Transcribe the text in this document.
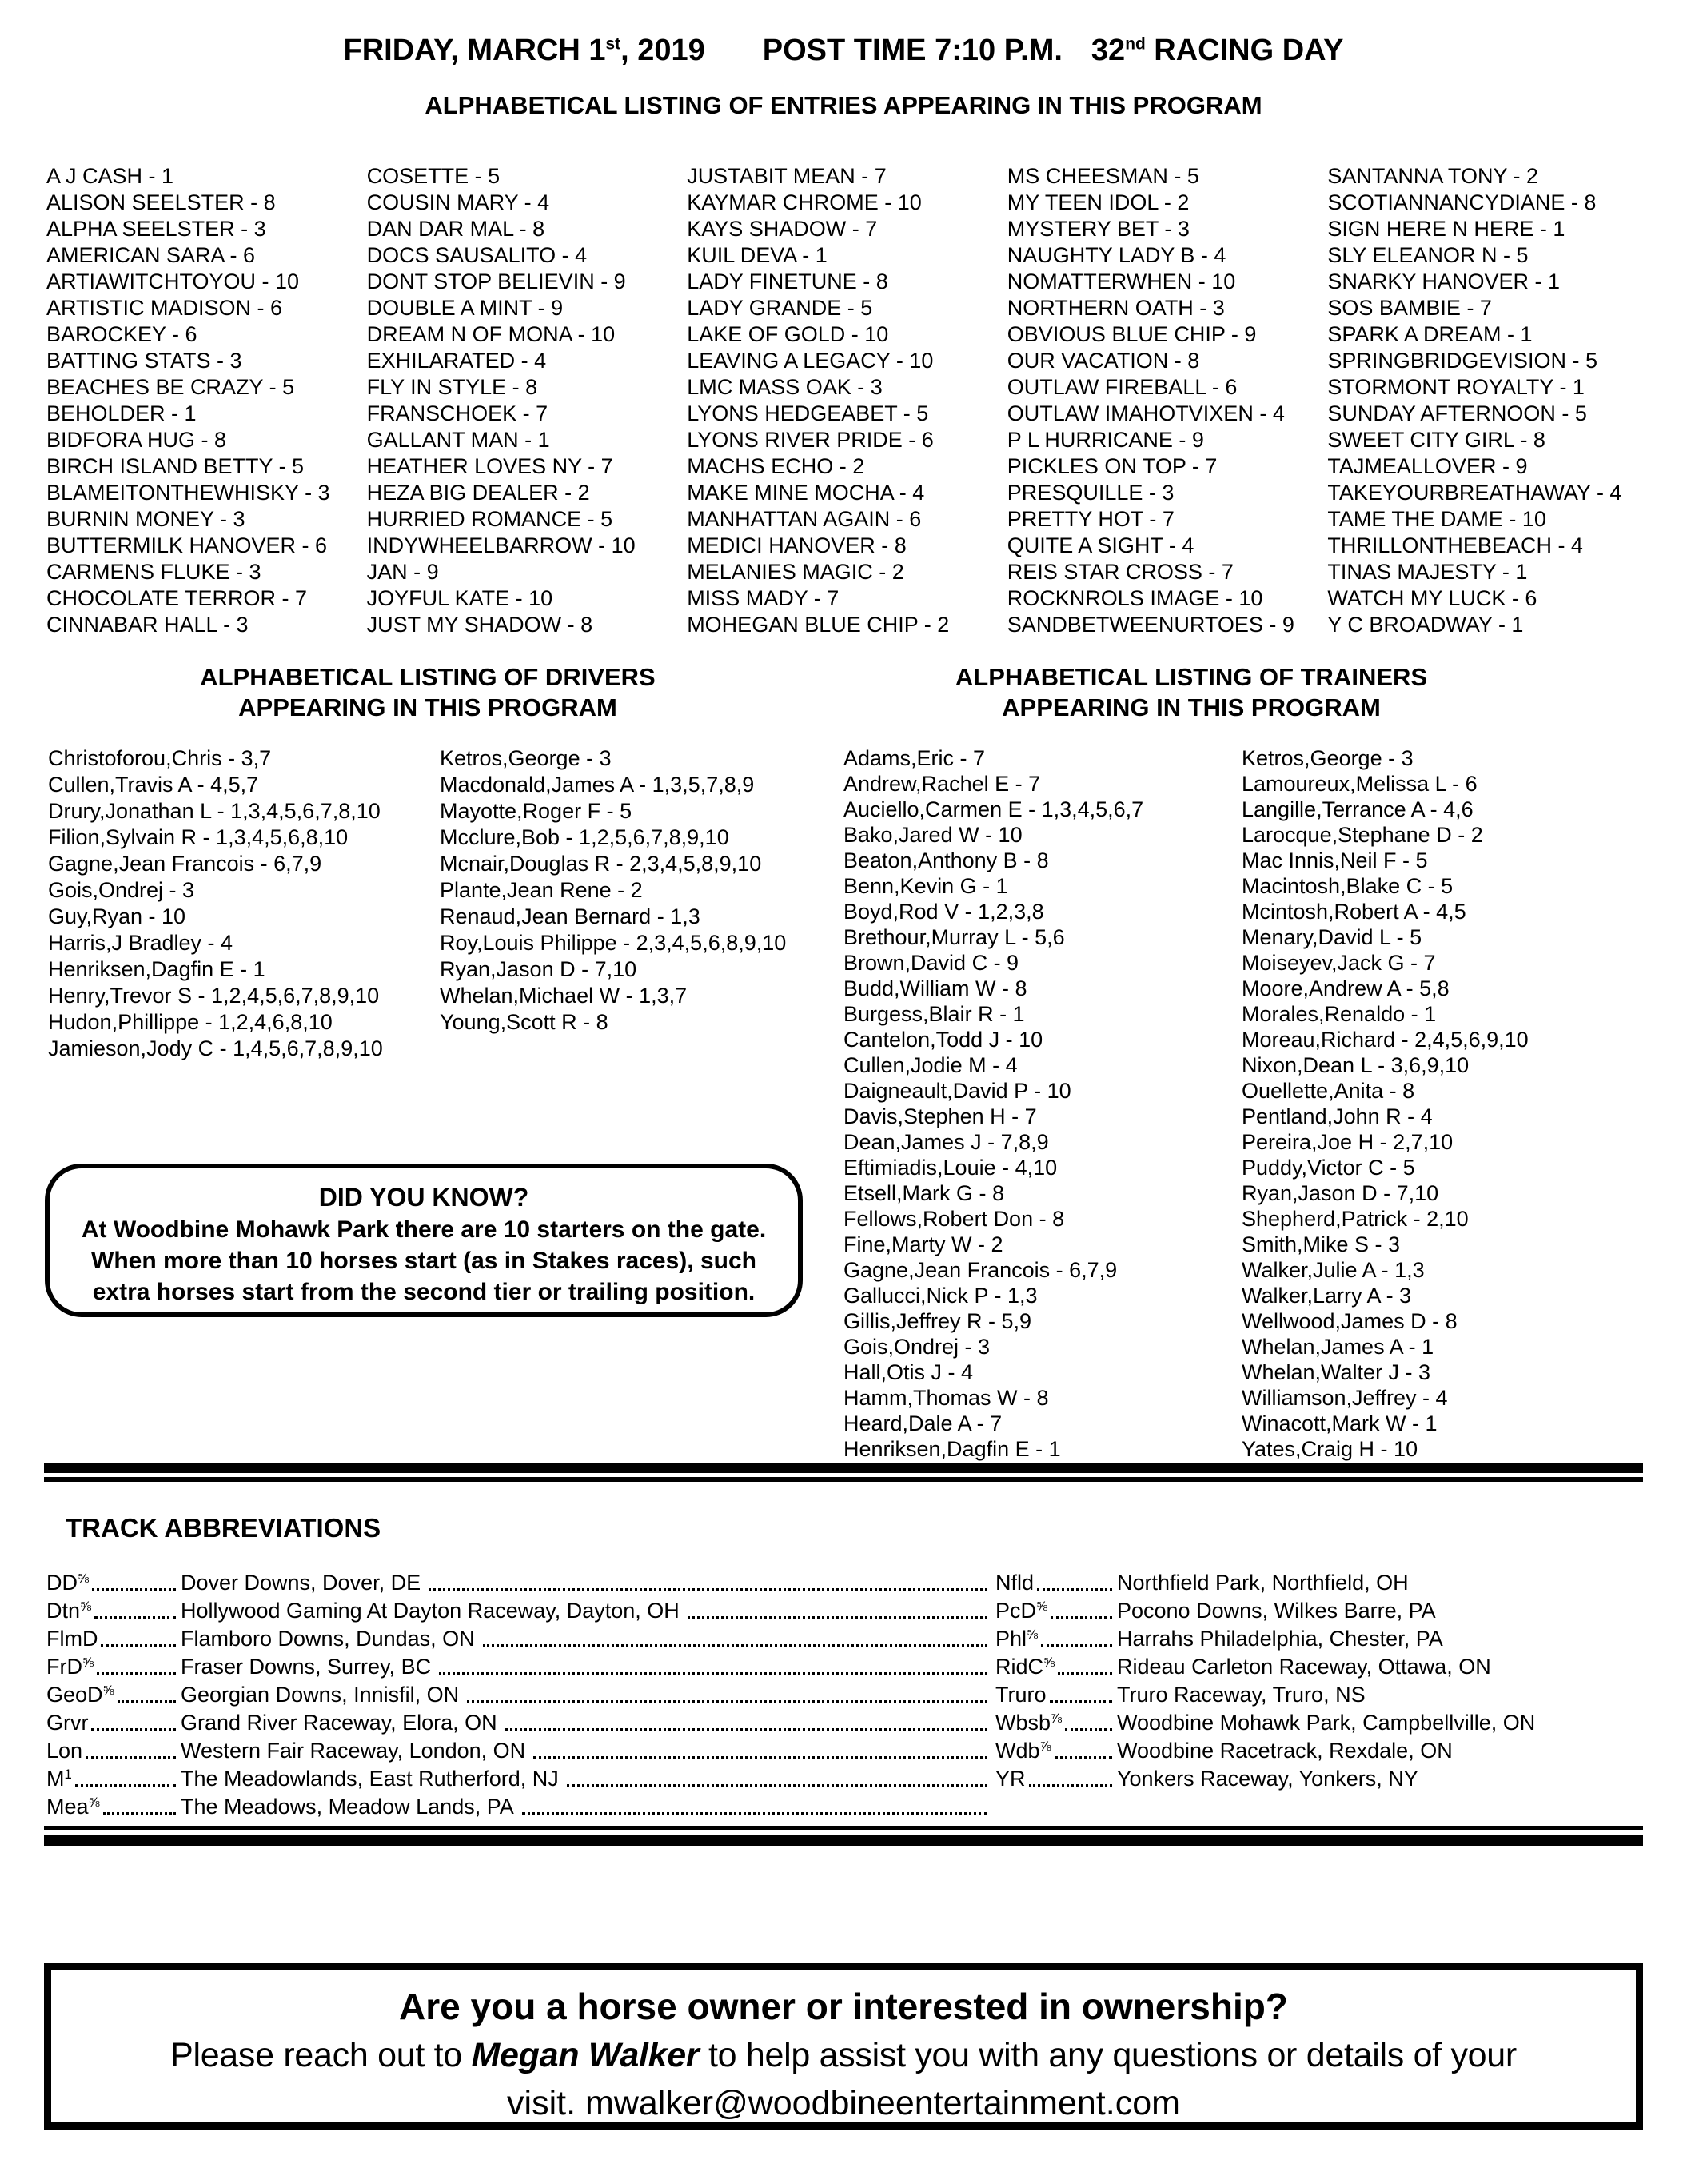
FRIDAY, MARCH 1st, 2019 POST TIME 7:10 P.M. 32nd RACING DAY
ALPHABETICAL LISTING OF ENTRIES APPEARING IN THIS PROGRAM
A J CASH - 1
ALISON SEELSTER - 8
ALPHA SEELSTER - 3
AMERICAN SARA - 6
ARTIAWITCHTOYOU - 10
ARTISTIC MADISON - 6
BAROCKEY - 6
BATTING STATS - 3
BEACHES BE CRAZY - 5
BEHOLDER - 1
BIDFORA HUG - 8
BIRCH ISLAND BETTY - 5
BLAMEITONTHEWHISKY - 3
BURNIN MONEY - 3
BUTTERMILK HANOVER - 6
CARMENS FLUKE - 3
CHOCOLATE TERROR - 7
CINNABAR HALL - 3
COSETTE - 5
COUSIN MARY - 4
DAN DAR MAL - 8
DOCS SAUSALITO - 4
DONT STOP BELIEVIN - 9
DOUBLE A MINT - 9
DREAM N OF MONA - 10
EXHILARATED - 4
FLY IN STYLE - 8
FRANSCHOEK - 7
GALLANT MAN - 1
HEATHER LOVES NY - 7
HEZA BIG DEALER - 2
HURRIED ROMANCE - 5
INDYWHEELBARROW - 10
JAN - 9
JOYFUL KATE - 10
JUST MY SHADOW - 8
JUSTABIT MEAN - 7
KAYMAR CHROME - 10
KAYS SHADOW - 7
KUIL DEVA - 1
LADY FINETUNE - 8
LADY GRANDE - 5
LAKE OF GOLD - 10
LEAVING A LEGACY - 10
LMC MASS OAK - 3
LYONS HEDGEABET - 5
LYONS RIVER PRIDE - 6
MACHS ECHO - 2
MAKE MINE MOCHA - 4
MANHATTAN AGAIN - 6
MEDICI HANOVER - 8
MELANIES MAGIC - 2
MISS MADY - 7
MOHEGAN BLUE CHIP - 2
MS CHEESMAN - 5
MY TEEN IDOL - 2
MYSTERY BET - 3
NAUGHTY LADY B - 4
NOMATTERWHEN - 10
NORTHERN OATH - 3
OBVIOUS BLUE CHIP - 9
OUR VACATION - 8
OUTLAW FIREBALL - 6
OUTLAW IMAHOTVIXEN - 4
P L HURRICANE - 9
PICKLES ON TOP - 7
PRESQUILLE - 3
PRETTY HOT - 7
QUITE A SIGHT - 4
REIS STAR CROSS - 7
ROCKNROLS IMAGE - 10
SANDBETWEENURTOES - 9
SANTANNA TONY - 2
SCOTIANNANCYDIANE - 8
SIGN HERE N HERE - 1
SLY ELEANOR N - 5
SNARKY HANOVER - 1
SOS BAMBIE - 7
SPARK A DREAM - 1
SPRINGBRIDGEVISION - 5
STORMONT ROYALTY - 1
SUNDAY AFTERNOON - 5
SWEET CITY GIRL - 8
TAJMEALLOVER - 9
TAKEYOURBREATHAWAY - 4
TAME THE DAME - 10
THRILLONTHEBEACH - 4
TINAS MAJESTY - 1
WATCH MY LUCK - 6
Y C BROADWAY - 1
ALPHABETICAL LISTING OF DRIVERS
APPEARING IN THIS PROGRAM
Christoforou,Chris - 3,7
Cullen,Travis A - 4,5,7
Drury,Jonathan L - 1,3,4,5,6,7,8,10
Filion,Sylvain R - 1,3,4,5,6,8,10
Gagne,Jean Francois - 6,7,9
Gois,Ondrej - 3
Guy,Ryan - 10
Harris,J Bradley - 4
Henriksen,Dagfin E - 1
Henry,Trevor S - 1,2,4,5,6,7,8,9,10
Hudon,Phillippe - 1,2,4,6,8,10
Jamieson,Jody C - 1,4,5,6,7,8,9,10
Ketros,George - 3
Macdonald,James A - 1,3,5,7,8,9
Mayotte,Roger F - 5
Mcclure,Bob - 1,2,5,6,7,8,9,10
Mcnair,Douglas R - 2,3,4,5,8,9,10
Plante,Jean Rene - 2
Renaud,Jean Bernard - 1,3
Roy,Louis Philippe - 2,3,4,5,6,8,9,10
Ryan,Jason D - 7,10
Whelan,Michael W - 1,3,7
Young,Scott R - 8
ALPHABETICAL LISTING OF TRAINERS
APPEARING IN THIS PROGRAM
Adams,Eric - 7
Andrew,Rachel E - 7
Auciello,Carmen E - 1,3,4,5,6,7
Bako,Jared W - 10
Beaton,Anthony B - 8
Benn,Kevin G - 1
Boyd,Rod V - 1,2,3,8
Brethour,Murray L - 5,6
Brown,David C - 9
Budd,William W - 8
Burgess,Blair R - 1
Cantelon,Todd J - 10
Cullen,Jodie M - 4
Daigneault,David P - 10
Davis,Stephen H - 7
Dean,James J - 7,8,9
Eftimiadis,Louie - 4,10
Etsell,Mark G - 8
Fellows,Robert Don - 8
Fine,Marty W - 2
Gagne,Jean Francois - 6,7,9
Gallucci,Nick P - 1,3
Gillis,Jeffrey R - 5,9
Gois,Ondrej - 3
Hall,Otis J - 4
Hamm,Thomas W - 8
Heard,Dale A - 7
Henriksen,Dagfin E - 1
Ketros,George - 3
Lamoureux,Melissa L - 6
Langille,Terrance A - 4,6
Larocque,Stephane D - 2
Mac Innis,Neil F - 5
Macintosh,Blake C - 5
Mcintosh,Robert A - 4,5
Menary,David L - 5
Moiseyev,Jack G - 7
Moore,Andrew A - 5,8
Morales,Renaldo - 1
Moreau,Richard - 2,4,5,6,9,10
Nixon,Dean L - 3,6,9,10
Ouellette,Anita - 8
Pentland,John R - 4
Pereira,Joe H - 2,7,10
Puddy,Victor C - 5
Ryan,Jason D - 7,10
Shepherd,Patrick - 2,10
Smith,Mike S - 3
Walker,Julie A - 1,3
Walker,Larry A - 3
Wellwood,James D - 8
Whelan,James A - 1
Whelan,Walter J - 3
Williamson,Jeffrey - 4
Winacott,Mark W - 1
Yates,Craig H - 10
DID YOU KNOW?
At Woodbine Mohawk Park there are 10 starters on the gate.
When more than 10 horses start (as in Stakes races), such
extra horses start from the second tier or trailing position.
TRACK ABBREVIATIONS
DD ⅝	Dover Downs, Dover, DE
Dtn ⅝	Hollywood Gaming At Dayton Raceway, Dayton, OH
FlmD	Flamboro Downs, Dundas, ON
FrD ⅝	Fraser Downs, Surrey, BC
GeoD ⅝	Georgian Downs, Innisfil, ON
Grvr	Grand River Raceway, Elora, ON
Lon	Western Fair Raceway, London, ON
M 1	The Meadowlands, East Rutherford, NJ
Mea ⅝	The Meadows, Meadow Lands, PA
Nfld	Northfield Park, Northfield, OH
PcD ⅝	Pocono Downs, Wilkes Barre, PA
Phl ⅝	Harrahs Philadelphia, Chester, PA
RidC ⅝	Rideau Carleton Raceway, Ottawa, ON
Truro	Truro Raceway, Truro, NS
Wbsb ⅞	Woodbine Mohawk Park, Campbellville, ON
Wdb ⅞	Woodbine Racetrack, Rexdale, ON
YR	Yonkers Raceway, Yonkers, NY
Are you a horse owner or interested in ownership?
Please reach out to Megan Walker to help assist you with any questions or details of your
visit. mwalker@woodbineentertainment.com
